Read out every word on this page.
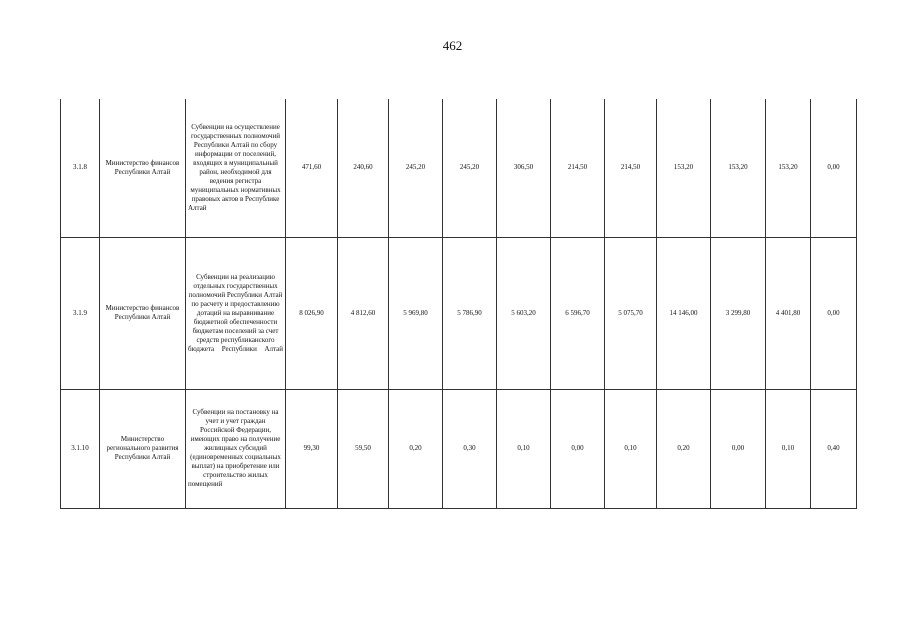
462
3.1.8	Министерство финансов Республики Алтай	Субвенции на осуществление государственных полномочий Республики Алтай по сбору информации от поселений, входящих в муниципальный район, необходимой для ведения регистра муниципальных нормативных правовых актов в Республике Алтай	471,60	240,60	245,20	245,20	306,50	214,50	214,50	153,20	153,20	153,20	0,00
3.1.9	Министерство финансов Республики Алтай	Субвенции на реализацию отдельных государственных полномочий Республики Алтай по расчету и предоставлению дотаций на выравнивание бюджетной обеспеченности бюджетам поселений за счет средств республиканского бюджета Республики Алтай	8 026,90	4 812,60	5 969,80	5 786,90	5 603,20	6 596,70	5 075,70	14 146,00	3 299,80	4 401,80	0,00
3.1.10	Министерство регионального развития Республики Алтай	Субвенции на постановку на учет и учет граждан Российской Федерации, имеющих право на получение жилищных субсидий (единовременных социальных выплат) на приобретение или строительство жилых помещений	99,30	59,50	0,20	0,30	0,10	0,00	0,10	0,20	0,00	0,10	0,40
